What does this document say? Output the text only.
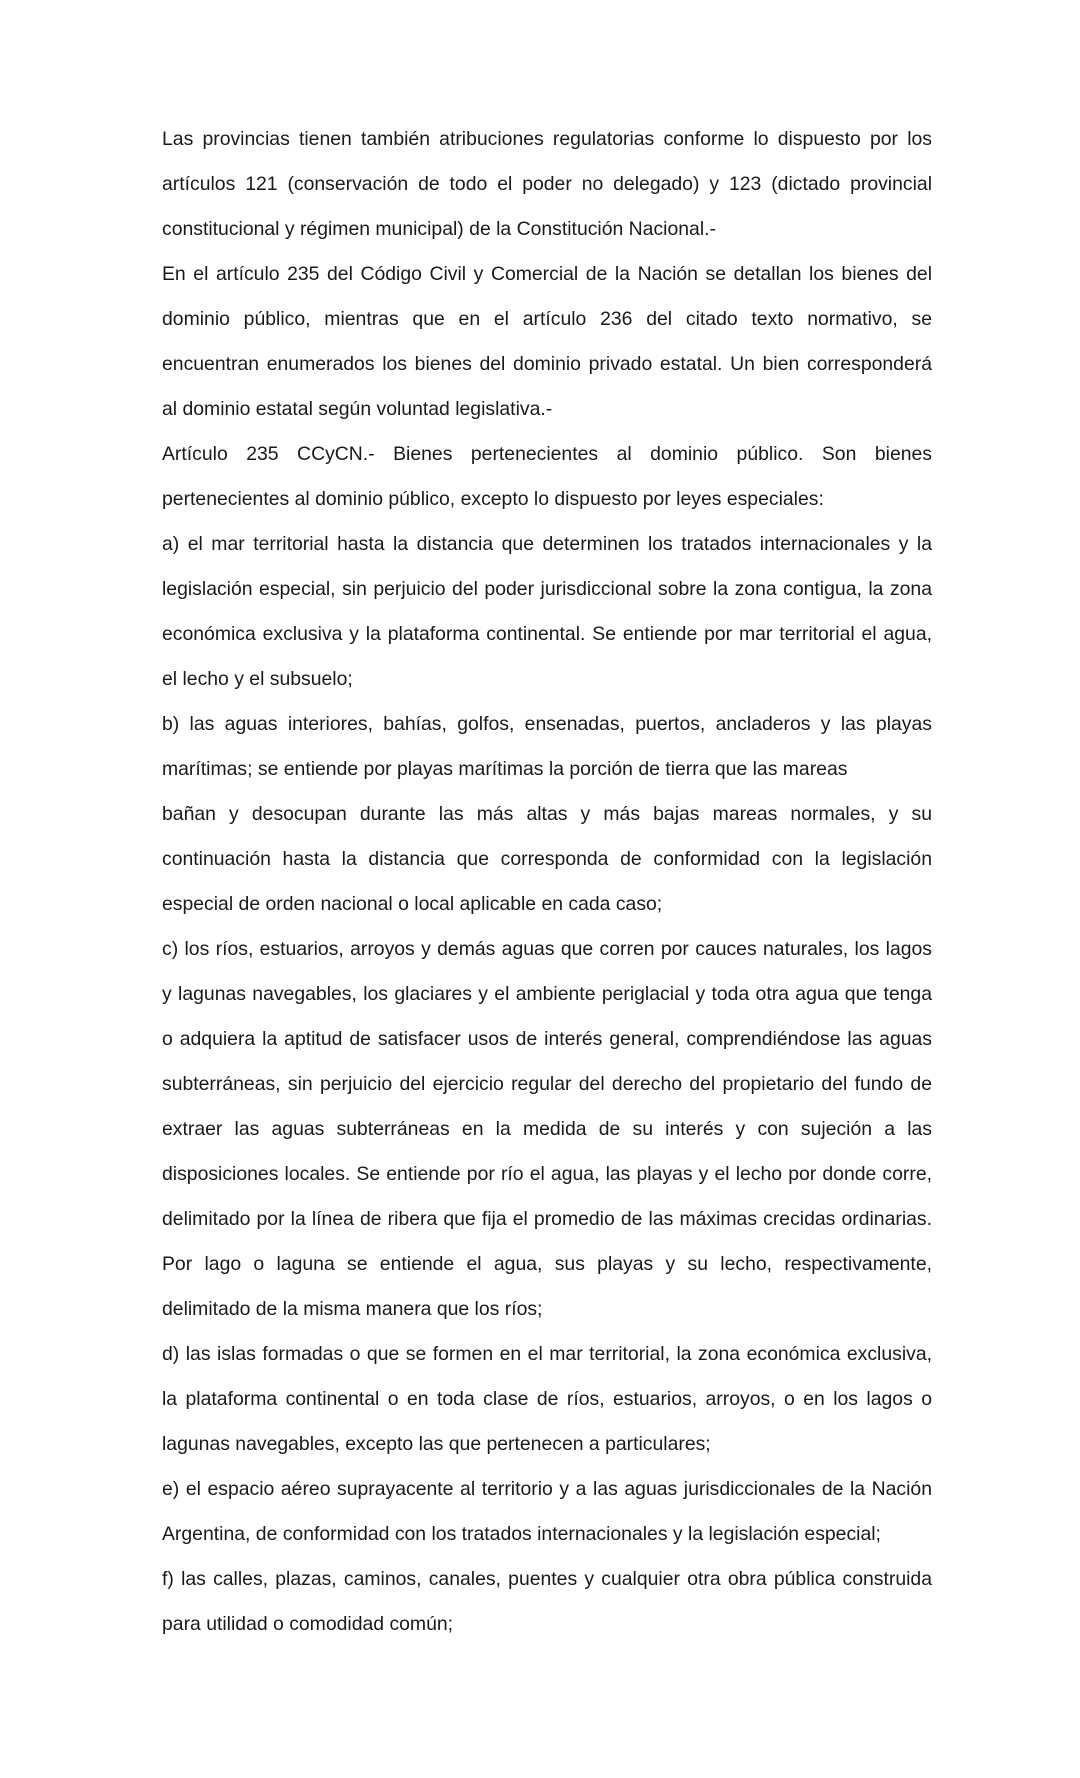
Las provincias tienen también atribuciones regulatorias conforme lo dispuesto por los
artículos 121 (conservación de todo el poder no delegado) y 123 (dictado provincial
constitucional y régimen municipal) de la Constitución Nacional.-
En el artículo 235 del Código Civil y Comercial de la Nación se detallan los bienes del
dominio público, mientras que en el artículo 236 del citado texto normativo, se
encuentran enumerados los bienes del dominio privado estatal. Un bien corresponderá
al dominio estatal según voluntad legislativa.-
Artículo 235 CCyCN.- Bienes pertenecientes al dominio público. Son bienes
pertenecientes al dominio público, excepto lo dispuesto por leyes especiales:
a) el mar territorial hasta la distancia que determinen los tratados internacionales y la
legislación especial, sin perjuicio del poder jurisdiccional sobre la zona contigua, la zona
económica exclusiva y la plataforma continental. Se entiende por mar territorial el agua,
el lecho y el subsuelo;
b) las aguas interiores, bahías, golfos, ensenadas, puertos, ancladeros y las playas
marítimas; se entiende por playas marítimas la porción de tierra que las mareas
bañan y desocupan durante las más altas y más bajas mareas normales, y su
continuación hasta la distancia que corresponda de conformidad con la legislación
especial de orden nacional o local aplicable en cada caso;
c) los ríos, estuarios, arroyos y demás aguas que corren por cauces naturales, los lagos
y lagunas navegables, los glaciares y el ambiente periglacial y toda otra agua que tenga
o adquiera la aptitud de satisfacer usos de interés general, comprendiéndose las aguas
subterráneas, sin perjuicio del ejercicio regular del derecho del propietario del fundo de
extraer las aguas subterráneas en la medida de su interés y con sujeción a las
disposiciones locales. Se entiende por río el agua, las playas y el lecho por donde corre,
delimitado por la línea de ribera que fija el promedio de las máximas crecidas ordinarias.
Por lago o laguna se entiende el agua, sus playas y su lecho, respectivamente,
delimitado de la misma manera que los ríos;
d) las islas formadas o que se formen en el mar territorial, la zona económica exclusiva,
la plataforma continental o en toda clase de ríos, estuarios, arroyos, o en los lagos o
lagunas navegables, excepto las que pertenecen a particulares;
e) el espacio aéreo suprayacente al territorio y a las aguas jurisdiccionales de la Nación
Argentina, de conformidad con los tratados internacionales y la legislación especial;
f) las calles, plazas, caminos, canales, puentes y cualquier otra obra pública construida
para utilidad o comodidad común;
